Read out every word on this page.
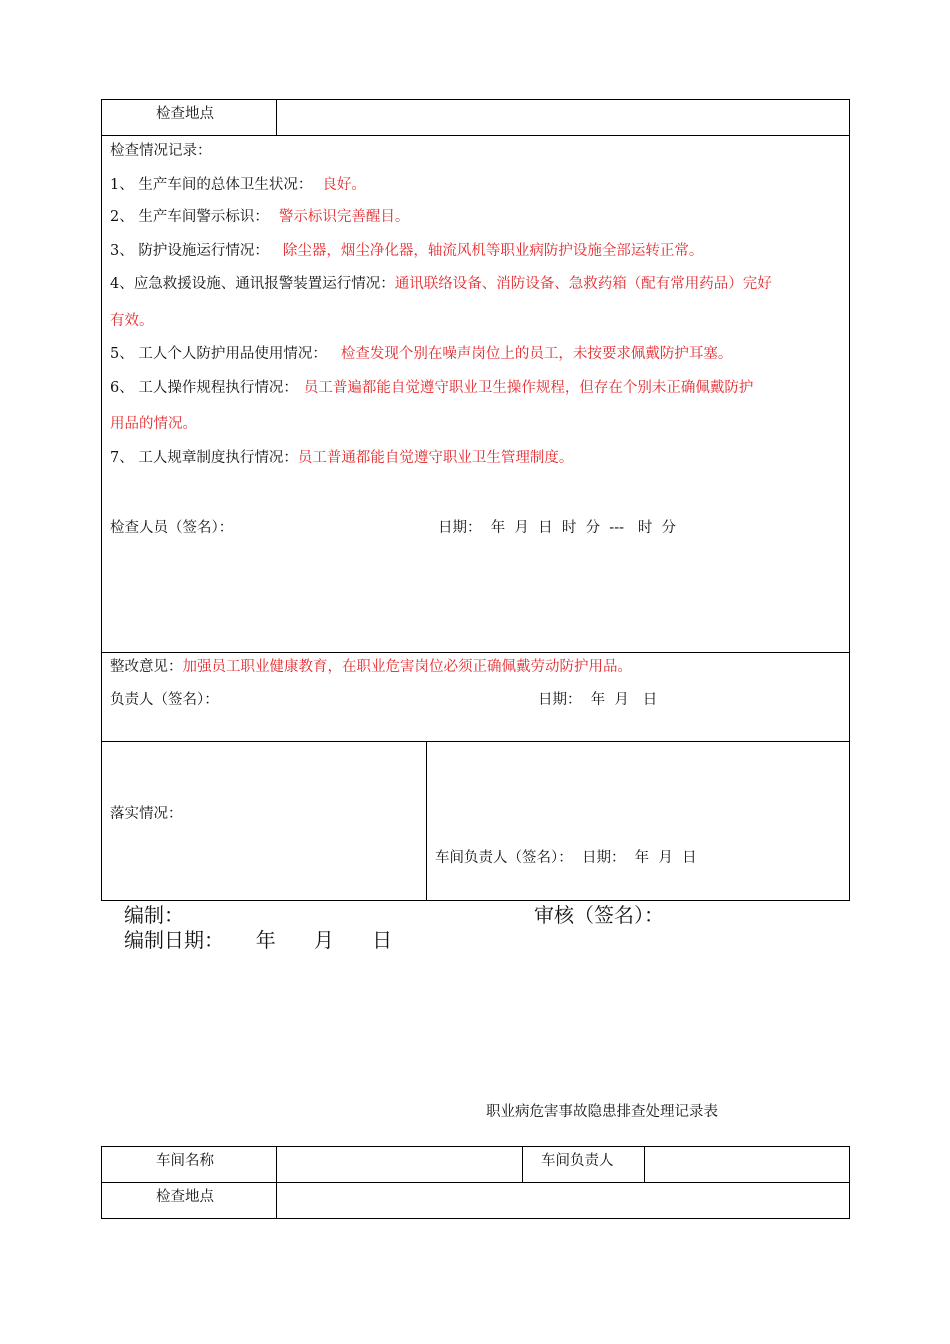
检查地点
检查情况记录：
1、 生产车间的总体卫生状况： 良好。
2、 生产车间警示标识： 警示标识完善醒目。
3、 防护设施运行情况： 除尘器，烟尘净化器，轴流风机等职业病防护设施全部运转正常。
4、应急救援设施、通讯报警装置运行情况：通讯联络设备、消防设备、急救药箱（配有常用药品）完好
有效。
5、 工人个人防护用品使用情况： 检查发现个别在噪声岗位上的员工，未按要求佩戴防护耳塞。
6、 工人操作规程执行情况： 员工普遍都能自觉遵守职业卫生操作规程，但存在个别未正确佩戴防护
用品的情况。
7、 工人规章制度执行情况：员工普通都能自觉遵守职业卫生管理制度。
检查人员（签名）：	日期：  年  月  日  时  分  ---   时  分
整改意见：加强员工职业健康教育，在职业危害岗位必须正确佩戴劳动防护用品。
负责人（签名）：	日期：  年  月   日
落实情况：
车间负责人（签名）：  日期：  年  月  日
编制：	审核（签名）：
编制日期：     年      月      日
职业病危害事故隐患排查处理记录表
车间名称	车间负责人
检查地点
